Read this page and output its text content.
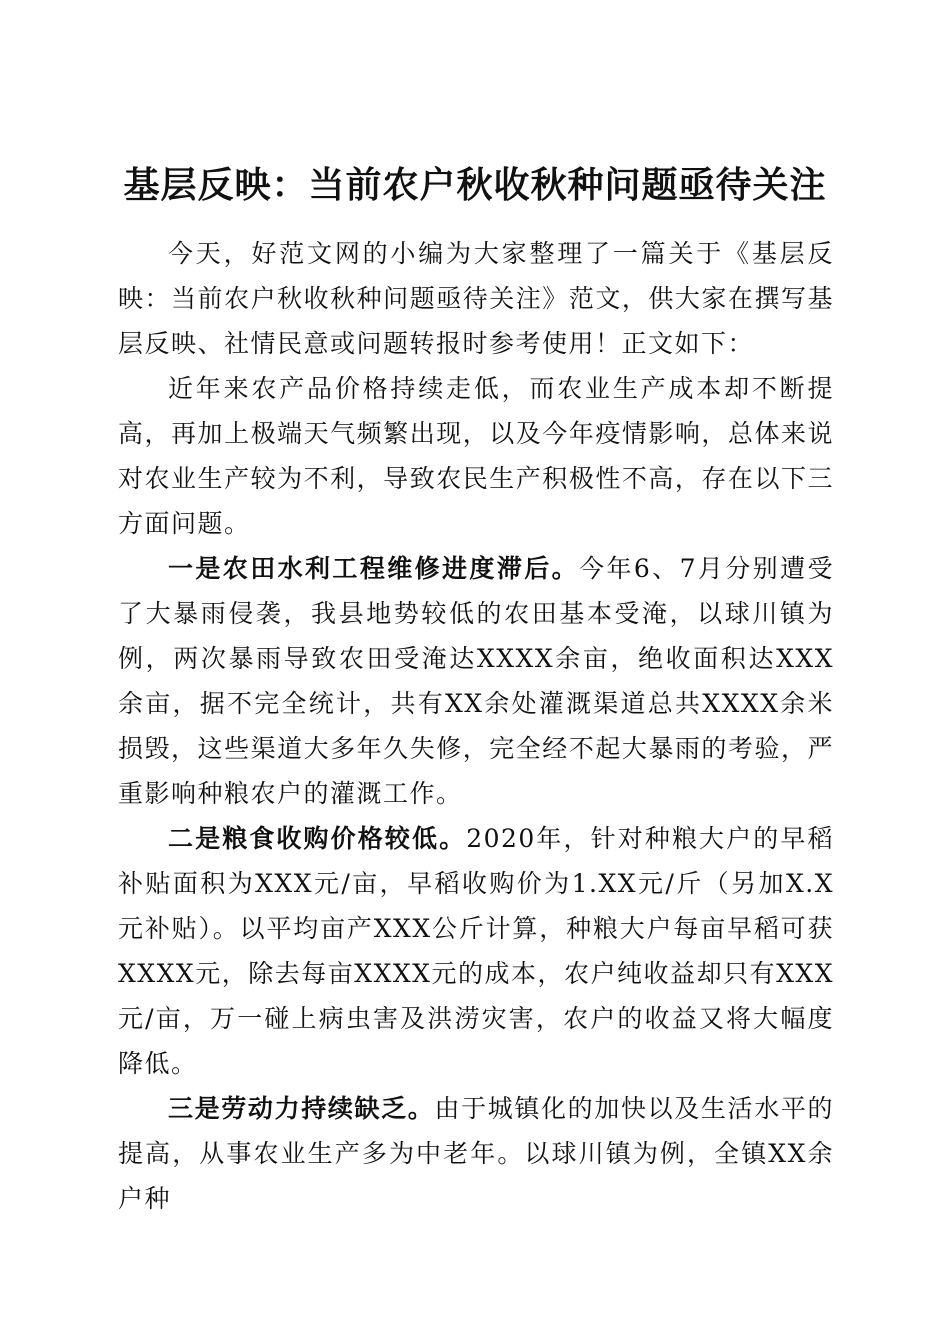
基层反映：当前农户秋收秋种问题亟待关注

今天，好范文网的小编为大家整理了一篇关于《基层反映：当前农户秋收秋种问题亟待关注》范文，供大家在撰写基层反映、社情民意或问题转报时参考使用！正文如下：

近年来农产品价格持续走低，而农业生产成本却不断提高，再加上极端天气频繁出现，以及今年疫情影响，总体来说对农业生产较为不利，导致农民生产积极性不高，存在以下三方面问题。

一是农田水利工程维修进度滞后。今年6、7月分别遭受了大暴雨侵袭，我县地势较低的农田基本受淹，以球川镇为例，两次暴雨导致农田受淹达XXXX余亩，绝收面积达XXX余亩，据不完全统计，共有XX余处灌溉渠道总共XXXX余米损毁，这些渠道大多年久失修，完全经不起大暴雨的考验，严重影响种粮农户的灌溉工作。

二是粮食收购价格较低。2020年，针对种粮大户的早稻补贴面积为XXX元/亩，早稻收购价为1.XX元/斤（另加X.X元补贴）。以平均亩产XXX公斤计算，种粮大户每亩早稻可获XXXX元，除去每亩XXXX元的成本，农户纯收益却只有XXX元/亩，万一碰上病虫害及洪涝灾害，农户的收益又将大幅度降低。

三是劳动力持续缺乏。由于城镇化的加快以及生活水平的提高，从事农业生产多为中老年。以球川镇为例，全镇XX余户种
